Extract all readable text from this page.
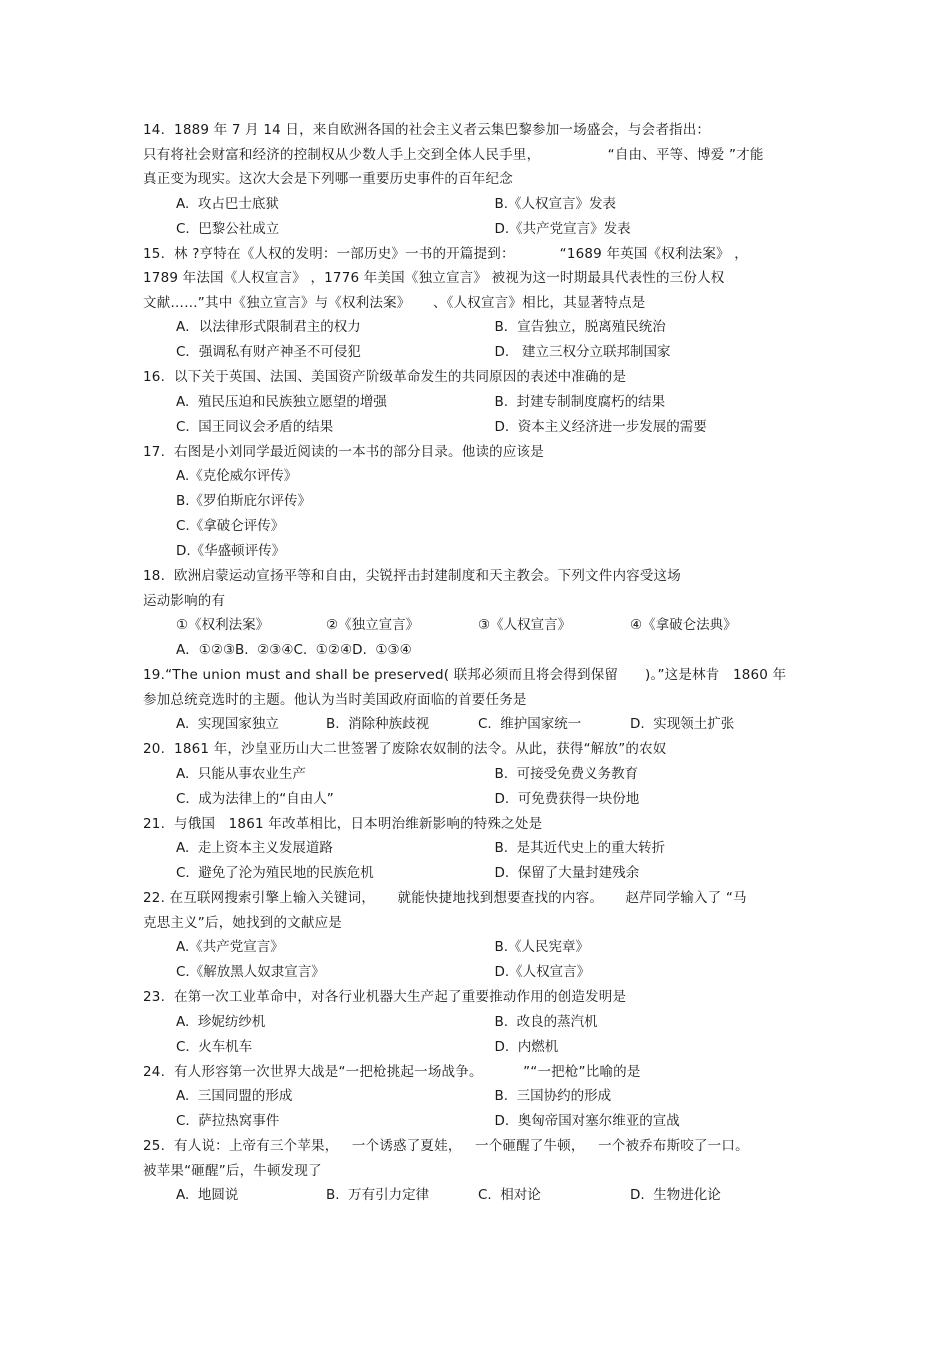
14.  1889 年 7 月 14 日，来自欧洲各国的社会主义者云集巴黎参加一场盛会，与会者指出：
只有将社会财富和经济的控制权从少数人手上交到全体人民手里，               “自由、平等、博爱 ”才能
真正变为现实。这次大会是下列哪一重要历史事件的百年纪念

A.  攻占巴士底狱	B.《人权宣言》发表
C.  巴黎公社成立	D.《共产党宣言》发表

15.  林 ?亨特在《人权的发明：一部历史》一书的开篇提到：          “1689 年英国《权利法案》 ，
1789 年法国《人权宣言》 ，1776 年美国《独立宣言》 被视为这一时期最具代表性的三份人权
文献……”其中《独立宣言》与《权利法案》     、《人权宣言》相比，其显著特点是

A．以法律形式限制君主的权力	B．宣告独立，脱离殖民统治
C．强调私有财产神圣不可侵犯	D.   建立三权分立联邦制国家

16.  以下关于英国、法国、美国资产阶级革命发生的共同原因的表述中准确的是

A.  殖民压迫和民族独立愿望的增强	B.  封建专制制度腐朽的结果
C.  国王同议会矛盾的结果	D.  资本主义经济进一步发展的需要

17.  右图是小刘同学最近阅读的一本书的部分目录。他读的应该是

A.《克伦威尔评传》
B.《罗伯斯庇尔评传》
C.《拿破仑评传》
D.《华盛顿评传》

18.  欧洲启蒙运动宣扬平等和自由，尖锐抨击封建制度和天主教会。下列文件内容受这场
运动影响的有

①《权利法案》	②《独立宣言》	③《人权宣言》	④《拿破仑法典》
A．①②③ B.  ②③④ C.  ①②④ D.  ①③④

19.“The union must and shall be preserved( 联邦必须而且将会得到保留      )。”这是林肯   1860 年
参加总统竞选时的主题。他认为当时美国政府面临的首要任务是

A.  实现国家独立	B.  消除种族歧视	C.  维护国家统一	D.  实现领土扩张

20.  1861 年，沙皇亚历山大二世签署了废除农奴制的法令。从此，获得“解放”的农奴

A.  只能从事农业生产	B.  可接受免费义务教育
C.  成为法律上的“自由人”	D.  可免费获得一块份地

21.  与俄国   1861 年改革相比，日本明治维新影响的特殊之处是

A.  走上资本主义发展道路	B.  是其近代史上的重大转折
C.  避免了沦为殖民地的民族危机	D.  保留了大量封建残余

22. 在互联网搜索引擎上输入关键词，     就能快捷地找到想要查找的内容。     赵芹同学输入了 “马
克思主义”后，她找到的文献应是

A.《共产党宣言》	B.《人民宪章》
C.《解放黑人奴隶宣言》	D.《人权宣言》

23.  在第一次工业革命中，对各行业机器大生产起了重要推动作用的创造发明是

A.  珍妮纺纱机	B.  改良的蒸汽机
C.  火车机车	D.  内燃机

24.  有人形容第一次世界大战是“一把枪挑起一场战争。         ”“一把枪”比喻的是

A.  三国同盟的形成	B.  三国协约的形成
C.  萨拉热窝事件	D.  奥匈帝国对塞尔维亚的宣战

25.  有人说：上帝有三个苹果，   一个诱惑了夏娃，   一个砸醒了牛顿，   一个被乔布斯咬了一口。
被苹果“砸醒”后，牛顿发现了

A.  地圆说	B.  万有引力定律	C.  相对论	D.  生物进化论
